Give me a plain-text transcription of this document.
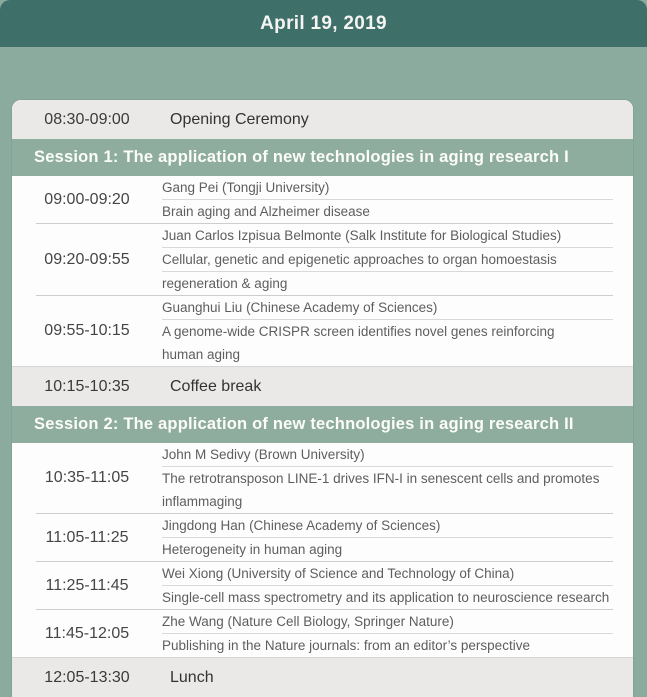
April 19, 2019
08:30-09:00	Opening Ceremony
Session 1: The application of new technologies in aging research I
09:00-09:20
Gang Pei (Tongji University)
Brain aging and Alzheimer disease
09:20-09:55
Juan Carlos Izpisua Belmonte (Salk Institute for Biological Studies)
Cellular, genetic and epigenetic approaches to organ homoestasis
regeneration & aging
09:55-10:15
Guanghui Liu (Chinese Academy of Sciences)
A genome-wide CRISPR screen identifies novel genes reinforcing
human aging
10:15-10:35	Coffee break
Session 2: The application of new technologies in aging research II
10:35-11:05
John M Sedivy (Brown University)
The retrotransposon LINE-1 drives IFN-I in senescent cells and promotes
inflammaging
11:05-11:25
Jingdong Han (Chinese Academy of Sciences)
Heterogeneity in human aging
11:25-11:45
Wei Xiong (University of Science and Technology of China)
Single-cell mass spectrometry and its application to neuroscience research
11:45-12:05
Zhe Wang (Nature Cell Biology, Springer Nature)
Publishing in the Nature journals: from an editor’s perspective
12:05-13:30	Lunch
